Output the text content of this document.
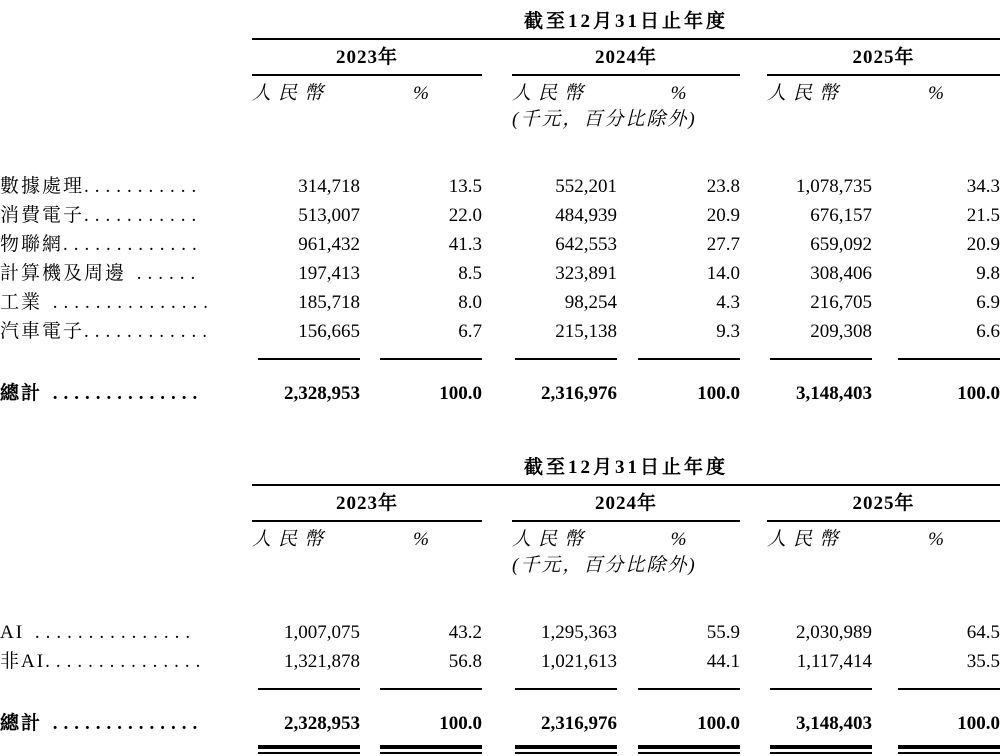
	截至12月31日止年度							

	2023年			2024年			2025年	

	人民幣	%		人民幣	%		人民幣	%
				(千元，百分比除外)				

數據處理...........	314,718	13.5		552,201	23.8		1,078,735	34.3
消費電子...........	513,007	22.0		484,939	20.9		676,157	21.5
物聯網.............	961,432	41.3		642,553	27.7		659,092	20.9
計算機及周邊 ......	197,413	8.5		323,891	14.0		308,406	9.8
工業 ...............	185,718	8.0		98,254	4.3		216,705	6.9
汽車電子............	156,665	6.7		215,138	9.3		209,308	6.6

總計 ..............	2,328,953	100.0		2,316,976	100.0		3,148,403	100.0
	截至12月31日止年度							

	2023年			2024年			2025年	

	人民幣	%		人民幣	%		人民幣	%
				(千元，百分比除外)				

AI ...............	1,007,075	43.2		1,295,363	55.9		2,030,989	64.5
非AI...............	1,321,878	56.8		1,021,613	44.1		1,117,414	35.5

總計 ..............	2,328,953	100.0		2,316,976	100.0		3,148,403	100.0
